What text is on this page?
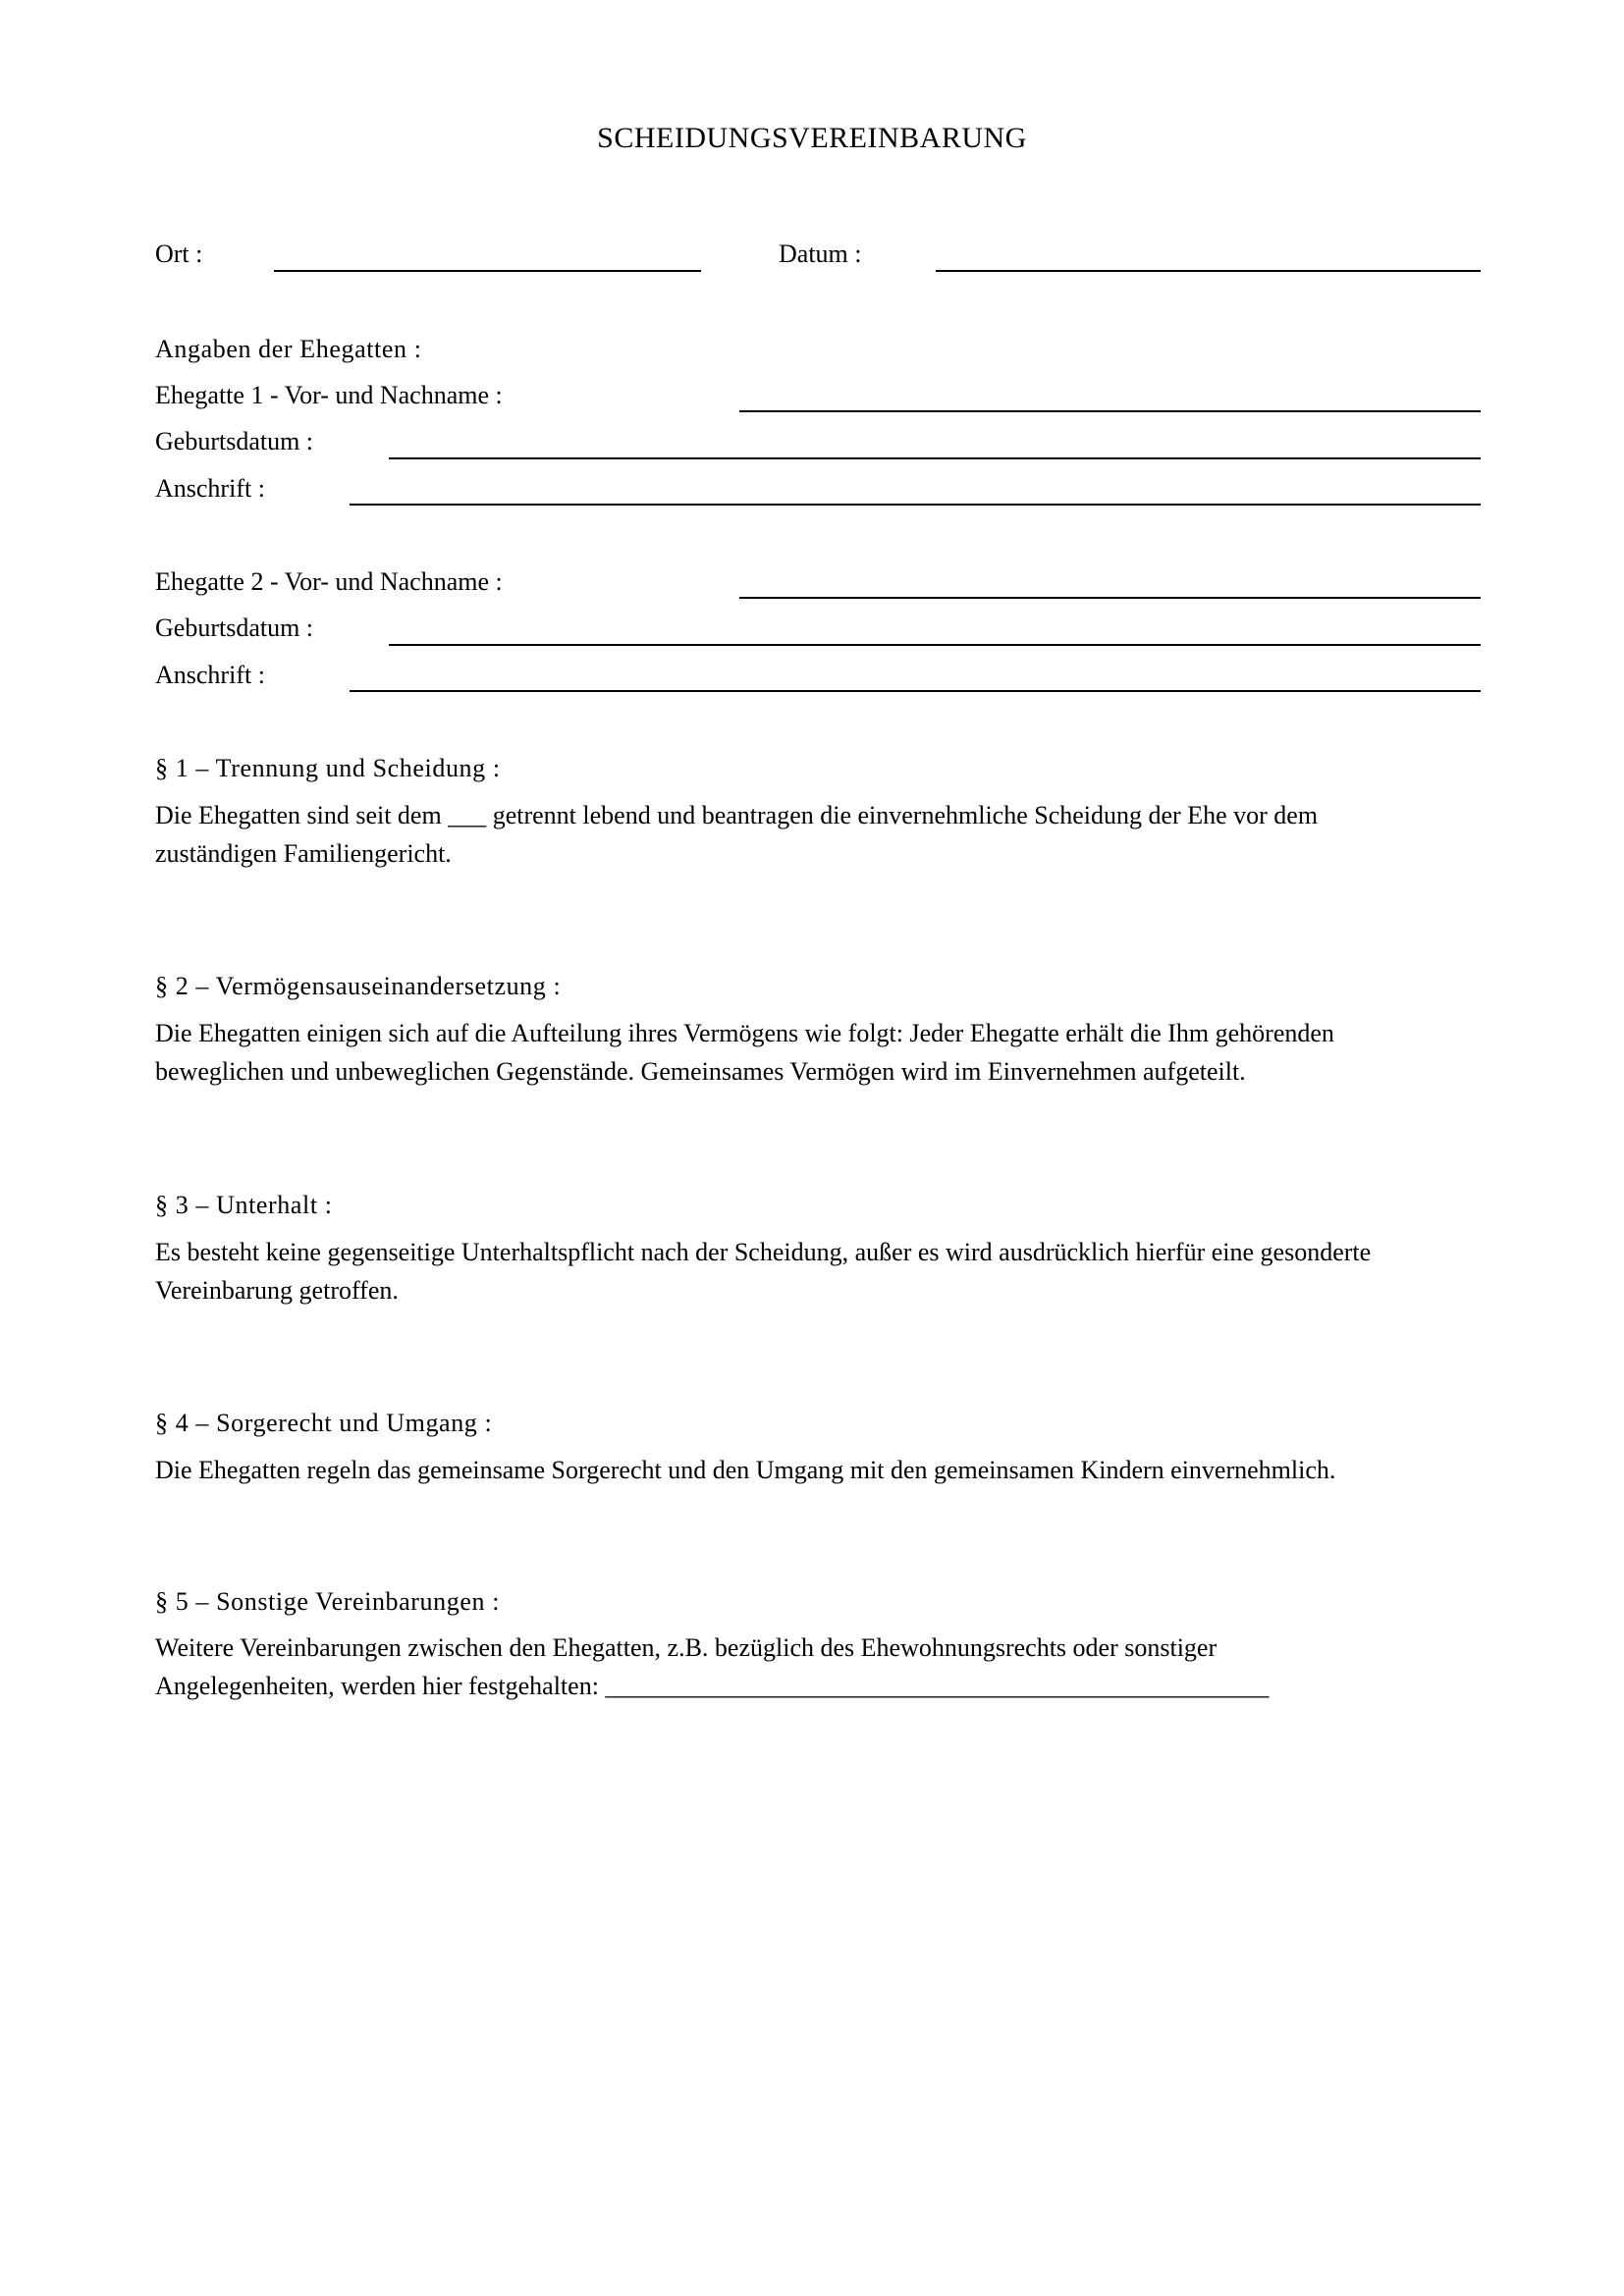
SCHEIDUNGSVEREINBARUNG
Ort :	Datum :
Angaben der Ehegatten :
Ehegatte 1 - Vor- und Nachname :
Geburtsdatum :
Anschrift :
Ehegatte 2 - Vor- und Nachname :
Geburtsdatum :
Anschrift :
§ 1 – Trennung und Scheidung :
Die Ehegatten sind seit dem ___ getrennt lebend und beantragen die einvernehmliche Scheidung der Ehe vor dem
zuständigen Familiengericht.
§ 2 – Vermögensauseinandersetzung :
Die Ehegatten einigen sich auf die Aufteilung ihres Vermögens wie folgt: Jeder Ehegatte erhält die Ihm gehörenden
beweglichen und unbeweglichen Gegenstände. Gemeinsames Vermögen wird im Einvernehmen aufgeteilt.
§ 3 – Unterhalt :
Es besteht keine gegenseitige Unterhaltspflicht nach der Scheidung, außer es wird ausdrücklich hierfür eine gesonderte
Vereinbarung getroffen.
§ 4 – Sorgerecht und Umgang :
Die Ehegatten regeln das gemeinsame Sorgerecht und den Umgang mit den gemeinsamen Kindern einvernehmlich.
§ 5 – Sonstige Vereinbarungen :
Weitere Vereinbarungen zwischen den Ehegatten, z.B. bezüglich des Ehewohnungsrechts oder sonstiger
Angelegenheiten, werden hier festgehalten: ____________________________________________________
